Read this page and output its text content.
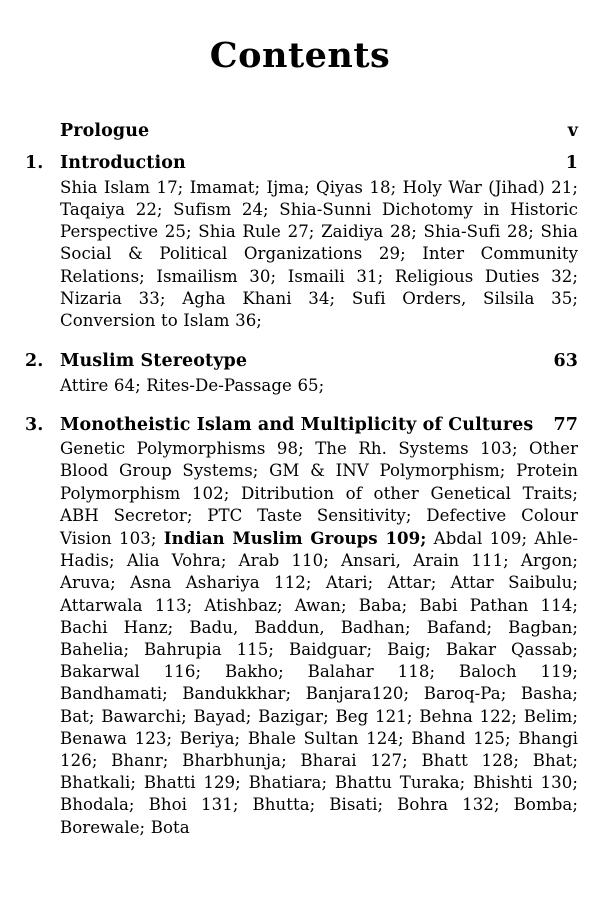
Contents
Prologue	v
1. Introduction	1
Shia Islam 17; Imamat; Ijma; Qiyas 18; Holy War (Jihad) 21; Taqaiya 22; Sufism 24; Shia-Sunni Dichotomy in Historic Perspective 25; Shia Rule 27; Zaidiya 28; Shia-Sufi 28; Shia Social & Political Organizations 29; Inter Community Relations; Ismailism 30; Ismaili 31; Religious Duties 32; Nizaria 33; Agha Khani 34; Sufi Orders, Silsila 35; Conversion to Islam 36;
2. Muslim Stereotype	63
Attire 64; Rites-De-Passage 65;
3. Monotheistic Islam and Multiplicity of Cultures	77
Genetic Polymorphisms 98; The Rh. Systems 103; Other Blood Group Systems; GM & INV Polymorphism; Protein Polymorphism 102; Ditribution of other Genetical Traits; ABH Secretor; PTC Taste Sensitivity; Defective Colour Vision 103; Indian Muslim Groups 109; Abdal 109; Ahle-Hadis; Alia Vohra; Arab 110; Ansari, Arain 111; Argon; Aruva; Asna Ashariya 112; Atari; Attar; Attar Saibulu; Attarwala 113; Atishbaz; Awan; Baba; Babi Pathan 114; Bachi Hanz; Badu, Baddun, Badhan; Bafand; Bagban; Bahelia; Bahrupia 115; Baidguar; Baig; Bakar Qassab; Bakarwal 116; Bakho; Balahar 118; Baloch 119; Bandhamati; Bandukkhar; Banjara120; Baroq-Pa; Basha; Bat; Bawarchi; Bayad; Bazigar; Beg 121; Behna 122; Belim; Benawa 123; Beriya; Bhale Sultan 124; Bhand 125; Bhangi 126; Bhanr; Bharbhunja; Bharai 127; Bhatt 128; Bhat; Bhatkali; Bhatti 129; Bhatiara; Bhattu Turaka; Bhishti 130; Bhodala; Bhoi 131; Bhutta; Bisati; Bohra 132; Bomba; Borewale; Bota
